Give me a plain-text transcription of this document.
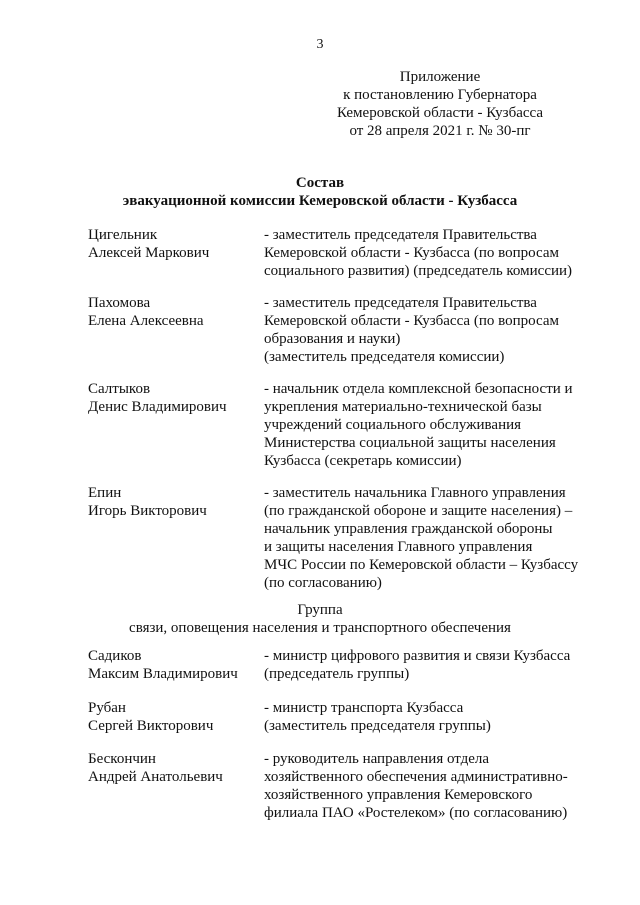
3
Приложение
к постановлению Губернатора
Кемеровской области - Кузбасса
от 28 апреля 2021 г. № 30-пг
Состав
эвакуационной комиссии Кемеровской области - Кузбасса
Цигельник
Алексей Маркович
- заместитель председателя Правительства
Кемеровской области - Кузбасса (по вопросам
социального развития) (председатель комиссии)
Пахомова
Елена Алексеевна
- заместитель председателя Правительства
Кемеровской области - Кузбасса (по вопросам
образования и науки)
(заместитель председателя комиссии)
Салтыков
Денис Владимирович
- начальник отдела комплексной безопасности и
укрепления материально-технической базы
учреждений социального обслуживания
Министерства социальной защиты населения
Кузбасса (секретарь комиссии)
Епин
Игорь Викторович
- заместитель начальника Главного управления
(по гражданской обороне и защите населения) –
начальник управления гражданской обороны
и защиты населения Главного управления
МЧС России по Кемеровской области – Кузбассу
(по согласованию)
Группа
связи, оповещения населения и транспортного обеспечения
Садиков
Максим Владимирович
- министр цифрового развития и связи Кузбасса
(председатель группы)
Рубан
Сергей Викторович
- министр транспорта Кузбасса
(заместитель председателя группы)
Бескончин
Андрей Анатольевич
- руководитель направления отдела
хозяйственного обеспечения административно-
хозяйственного управления Кемеровского
филиала ПАО «Ростелеком» (по согласованию)
